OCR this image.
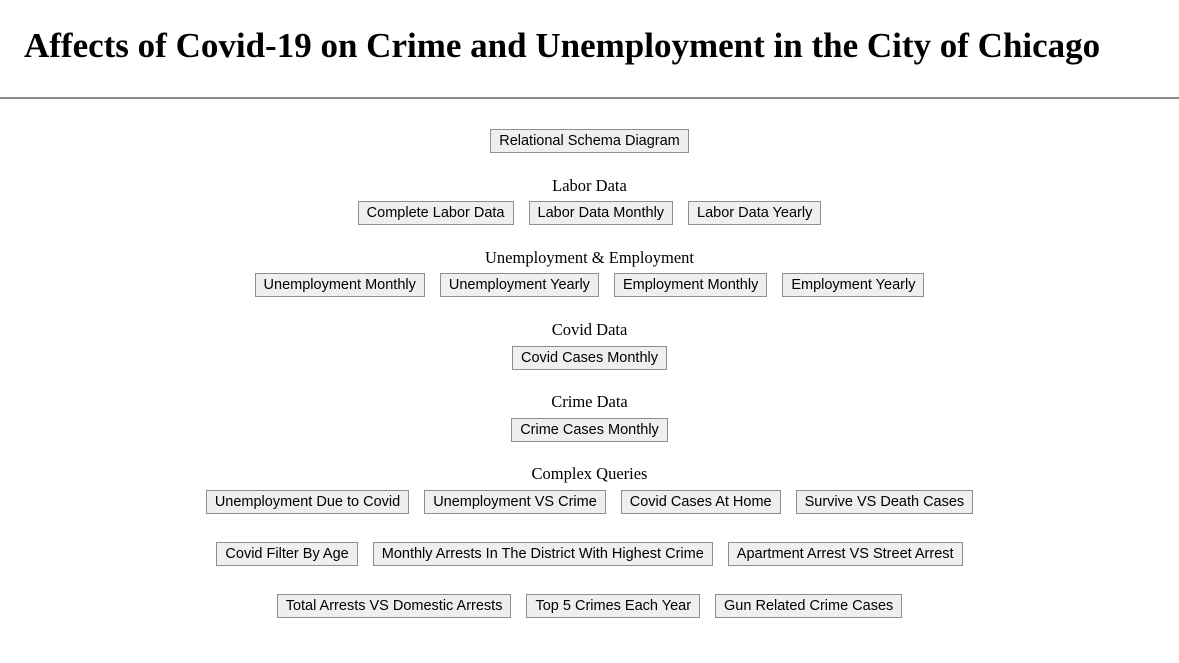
Affects of Covid-19 on Crime and Unemployment in the City of Chicago
Relational Schema Diagram
Labor Data
Complete Labor Data	Labor Data Monthly	Labor Data Yearly
Unemployment & Employment
Unemployment Monthly	Unemployment Yearly	Employment Monthly	Employment Yearly
Covid Data
Covid Cases Monthly
Crime Data
Crime Cases Monthly
Complex Queries
Unemployment Due to Covid	Unemployment VS Crime	Covid Cases At Home	Survive VS Death Cases
Covid Filter By Age	Monthly Arrests In The District With Highest Crime	Apartment Arrest VS Street Arrest
Total Arrests VS Domestic Arrests	Top 5 Crimes Each Year	Gun Related Crime Cases
